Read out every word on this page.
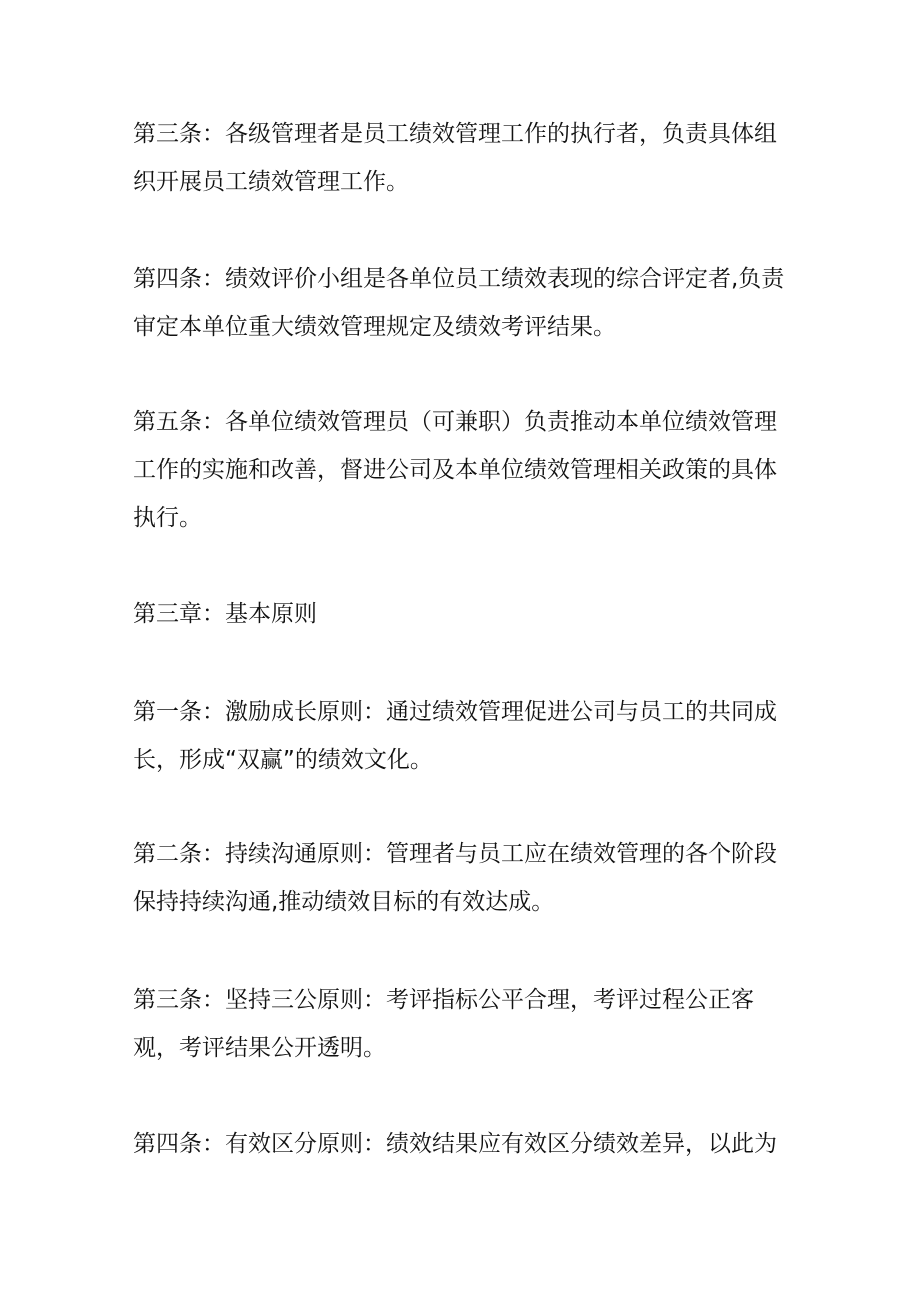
第三条：各级管理者是员工绩效管理工作的执行者，负责具体组
织开展员工绩效管理工作。

第四条：绩效评价小组是各单位员工绩效表现的综合评定者,负责
审定本单位重大绩效管理规定及绩效考评结果。

第五条：各单位绩效管理员（可兼职）负责推动本单位绩效管理
工作的实施和改善，督进公司及本单位绩效管理相关政策的具体
执行。

第三章：基本原则

第一条：激励成长原则：通过绩效管理促进公司与员工的共同成
长，形成“双赢”的绩效文化。

第二条：持续沟通原则：管理者与员工应在绩效管理的各个阶段
保持持续沟通,推动绩效目标的有效达成。

第三条：坚持三公原则：考评指标公平合理，考评过程公正客
观，考评结果公开透明。

第四条：有效区分原则：绩效结果应有效区分绩效差异，以此为
